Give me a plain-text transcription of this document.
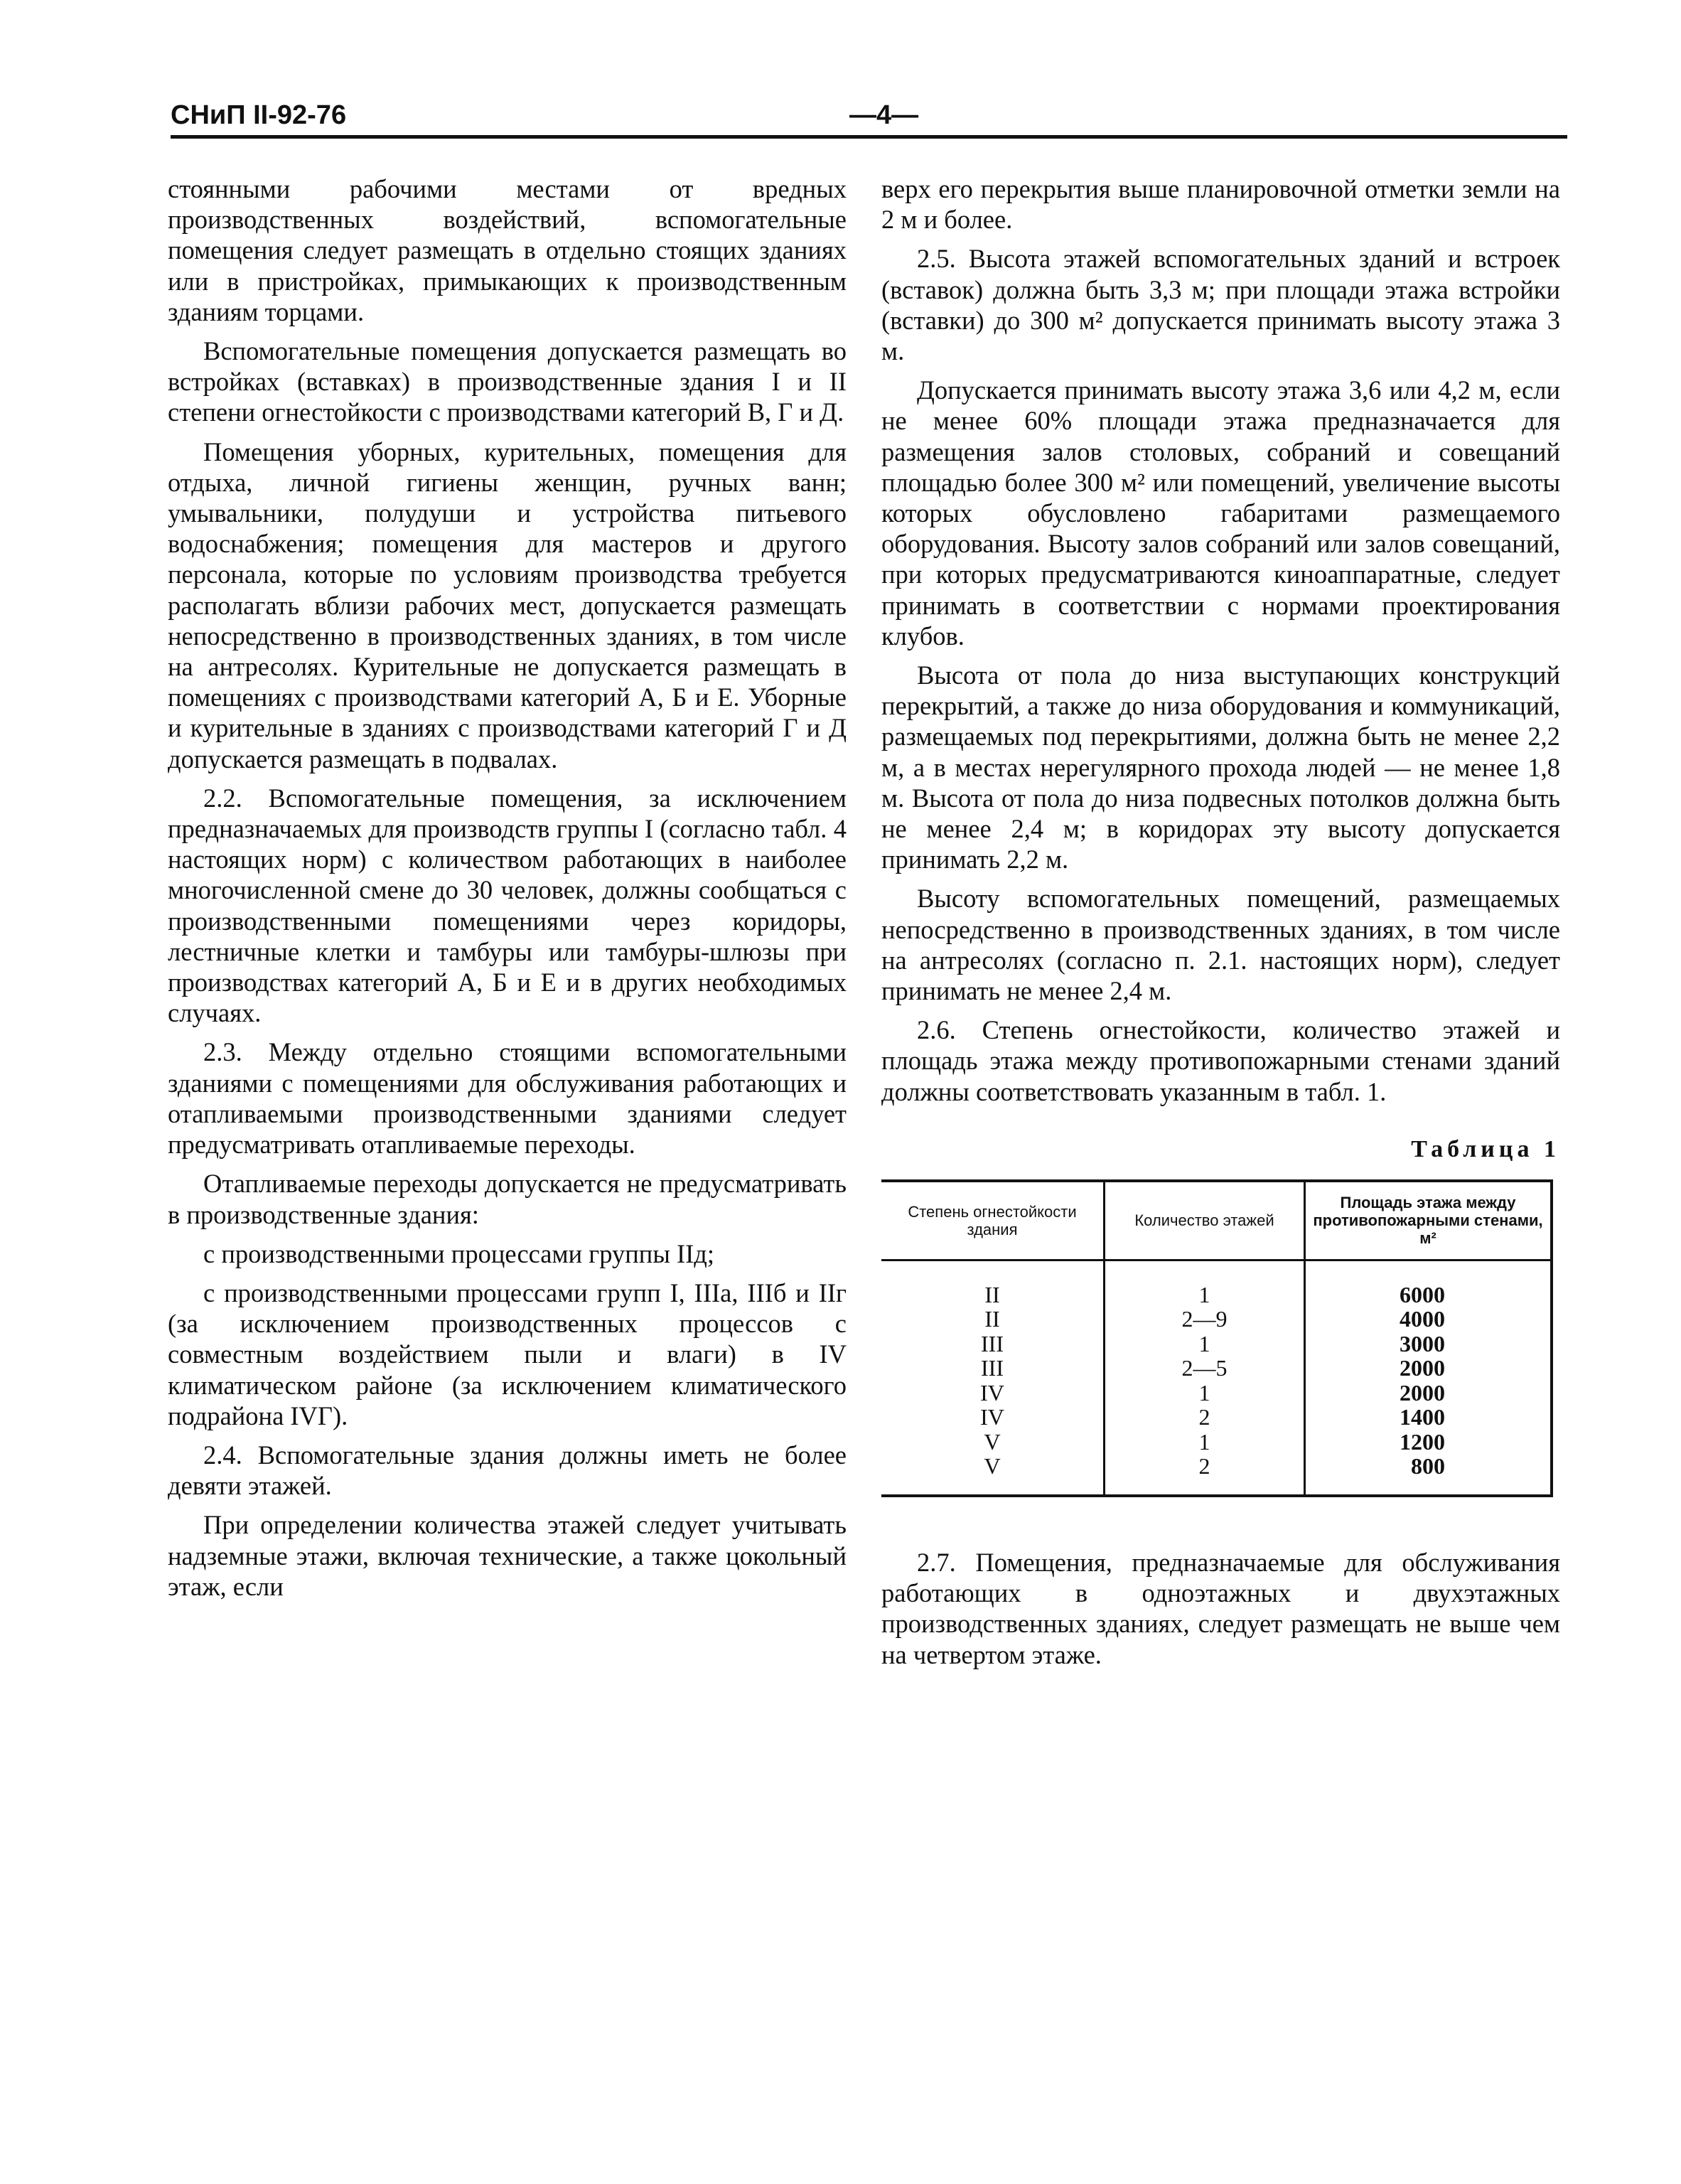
СНиП II-92-76	—4—

стоянными рабочими местами от вредных производственных воздействий, вспомогательные помещения следует размещать в отдельно стоящих зданиях или в пристройках, примыкающих к производственным зданиям торцами.

Вспомогательные помещения допускается размещать во встройках (вставках) в производственные здания I и II степени огнестойкости с производствами категорий В, Г и Д.

Помещения уборных, курительных, помещения для отдыха, личной гигиены женщин, ручных ванн; умывальники, полудуши и устройства питьевого водоснабжения; помещения для мастеров и другого персонала, которые по условиям производства требуется располагать вблизи рабочих мест, допускается размещать непосредственно в производственных зданиях, в том числе на антресолях. Курительные не допускается размещать в помещениях с производствами категорий А, Б и Е. Уборные и курительные в зданиях с производствами категорий Г и Д допускается размещать в подвалах.

2.2. Вспомогательные помещения, за исключением предназначаемых для производств группы I (согласно табл. 4 настоящих норм) с количеством работающих в наиболее многочисленной смене до 30 человек, должны сообщаться с производственными помещениями через коридоры, лестничные клетки и тамбуры или тамбуры-шлюзы при производствах категорий А, Б и Е и в других необходимых случаях.

2.3. Между отдельно стоящими вспомогательными зданиями с помещениями для обслуживания работающих и отапливаемыми производственными зданиями следует предусматривать отапливаемые переходы.

Отапливаемые переходы допускается не предусматривать в производственные здания:

с производственными процессами группы IIд;

с производственными процессами групп I, IIIа, IIIб и IIг (за исключением производственных процессов с совместным воздействием пыли и влаги) в IV климатическом районе (за исключением климатического подрайона IVГ).

2.4. Вспомогательные здания должны иметь не более девяти этажей.

При определении количества этажей следует учитывать надземные этажи, включая технические, а также цокольный этаж, если

верх его перекрытия выше планировочной отметки земли на 2 м и более.

2.5. Высота этажей вспомогательных зданий и встроек (вставок) должна быть 3,3 м; при площади этажа встройки (вставки) до 300 м² допускается принимать высоту этажа 3 м.

Допускается принимать высоту этажа 3,6 или 4,2 м, если не менее 60% площади этажа предназначается для размещения залов столовых, собраний и совещаний площадью более 300 м² или помещений, увеличение высоты которых обусловлено габаритами размещаемого оборудования. Высоту залов собраний или залов совещаний, при которых предусматриваются киноаппаратные, следует принимать в соответствии с нормами проектирования клубов.

Высота от пола до низа выступающих конструкций перекрытий, а также до низа оборудования и коммуникаций, размещаемых под перекрытиями, должна быть не менее 2,2 м, а в местах нерегулярного прохода людей — не менее 1,8 м. Высота от пола до низа подвесных потолков должна быть не менее 2,4 м; в коридорах эту высоту допускается принимать 2,2 м.

Высоту вспомогательных помещений, размещаемых непосредственно в производственных зданиях, в том числе на антресолях (согласно п. 2.1. настоящих норм), следует принимать не менее 2,4 м.

2.6. Степень огнестойкости, количество этажей и площадь этажа между противопожарными стенами зданий должны соответствовать указанным в табл. 1.

Таблица 1
Степень огнестойкости здания	Количество этажей
Площадь этажа между противопожарными стенами, м²
II
II
III
III
IV
IV
V
V
1
2—9
1
2—5
1
2
1
2
6000
4000
3000
2000
2000
1400
1200
800

2.7. Помещения, предназначаемые для обслуживания работающих в одноэтажных и двухэтажных производственных зданиях, следует размещать не выше чем на четвертом этаже.
